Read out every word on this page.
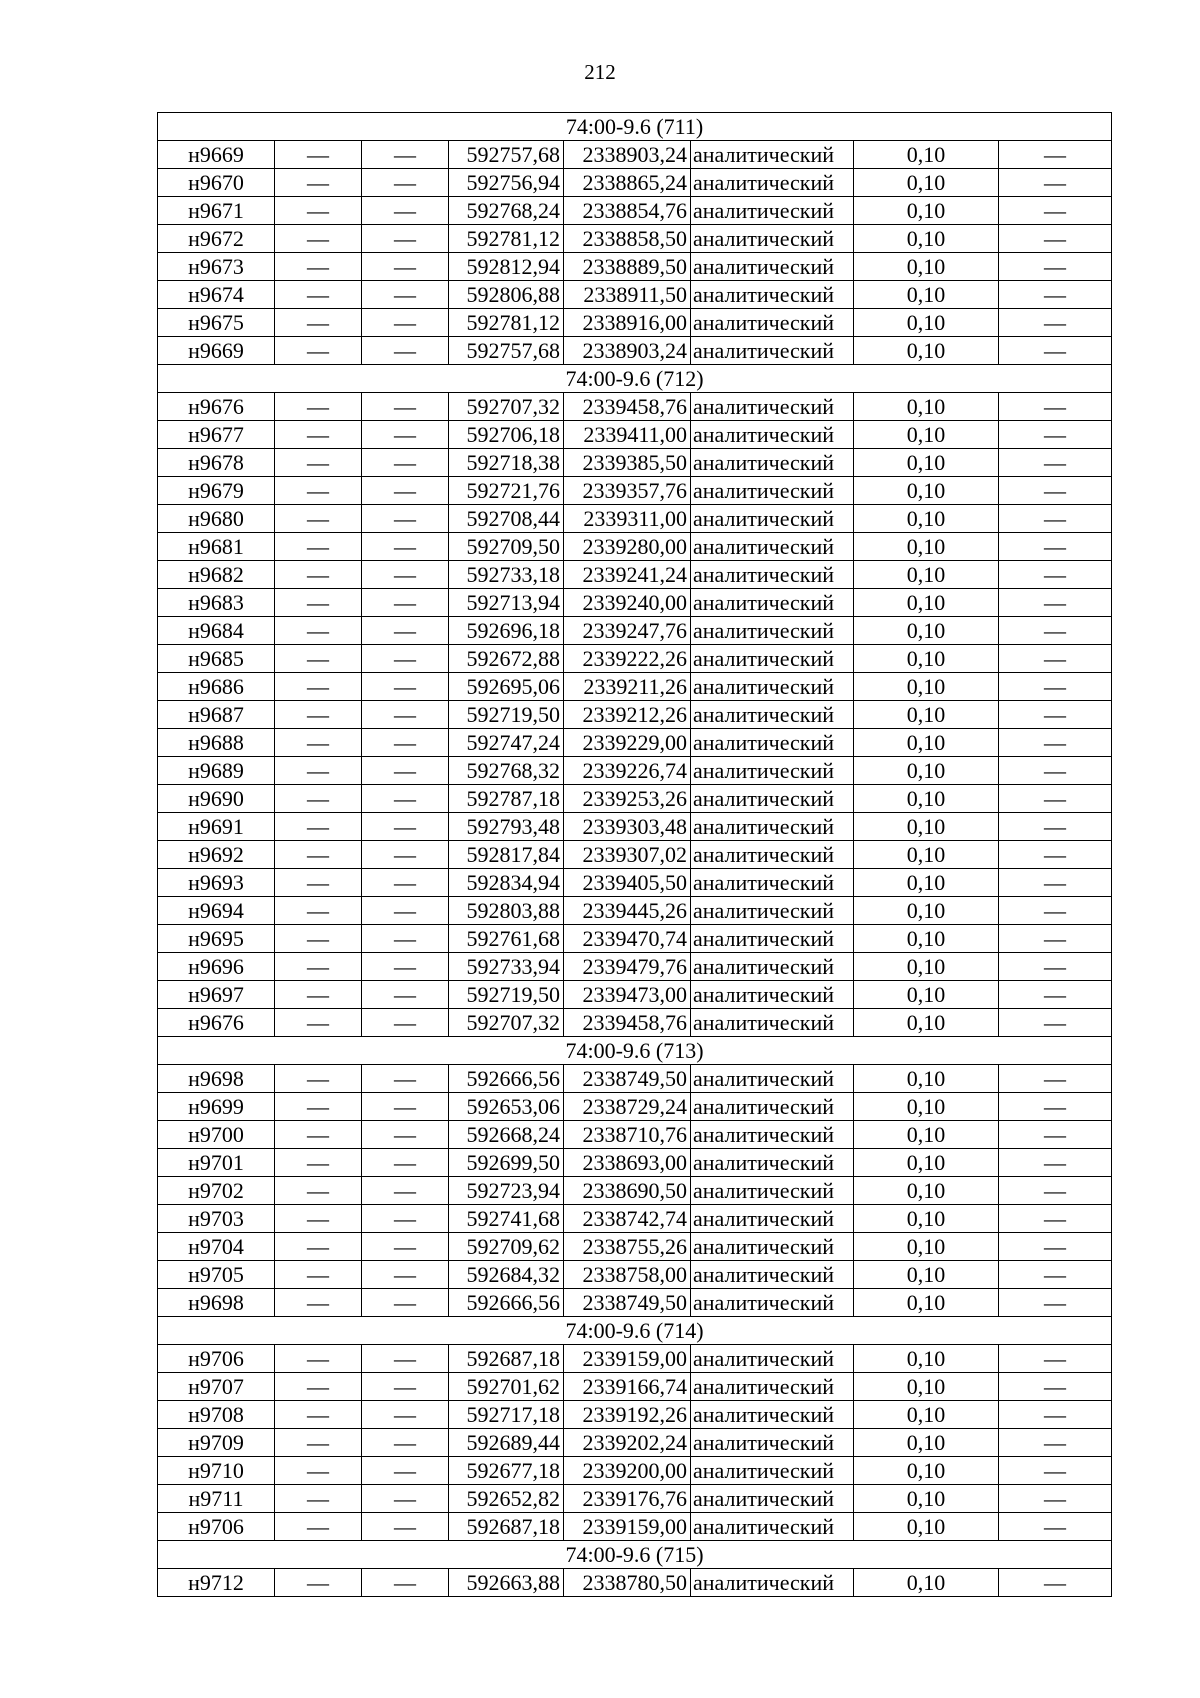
212
74:00-9.6 (711)							
н9669	—	—	592757,68	2338903,24	аналитический	0,10	—
н9670	—	—	592756,94	2338865,24	аналитический	0,10	—
н9671	—	—	592768,24	2338854,76	аналитический	0,10	—
н9672	—	—	592781,12	2338858,50	аналитический	0,10	—
н9673	—	—	592812,94	2338889,50	аналитический	0,10	—
н9674	—	—	592806,88	2338911,50	аналитический	0,10	—
н9675	—	—	592781,12	2338916,00	аналитический	0,10	—
н9669	—	—	592757,68	2338903,24	аналитический	0,10	—
74:00-9.6 (712)							
н9676	—	—	592707,32	2339458,76	аналитический	0,10	—
н9677	—	—	592706,18	2339411,00	аналитический	0,10	—
н9678	—	—	592718,38	2339385,50	аналитический	0,10	—
н9679	—	—	592721,76	2339357,76	аналитический	0,10	—
н9680	—	—	592708,44	2339311,00	аналитический	0,10	—
н9681	—	—	592709,50	2339280,00	аналитический	0,10	—
н9682	—	—	592733,18	2339241,24	аналитический	0,10	—
н9683	—	—	592713,94	2339240,00	аналитический	0,10	—
н9684	—	—	592696,18	2339247,76	аналитический	0,10	—
н9685	—	—	592672,88	2339222,26	аналитический	0,10	—
н9686	—	—	592695,06	2339211,26	аналитический	0,10	—
н9687	—	—	592719,50	2339212,26	аналитический	0,10	—
н9688	—	—	592747,24	2339229,00	аналитический	0,10	—
н9689	—	—	592768,32	2339226,74	аналитический	0,10	—
н9690	—	—	592787,18	2339253,26	аналитический	0,10	—
н9691	—	—	592793,48	2339303,48	аналитический	0,10	—
н9692	—	—	592817,84	2339307,02	аналитический	0,10	—
н9693	—	—	592834,94	2339405,50	аналитический	0,10	—
н9694	—	—	592803,88	2339445,26	аналитический	0,10	—
н9695	—	—	592761,68	2339470,74	аналитический	0,10	—
н9696	—	—	592733,94	2339479,76	аналитический	0,10	—
н9697	—	—	592719,50	2339473,00	аналитический	0,10	—
н9676	—	—	592707,32	2339458,76	аналитический	0,10	—
74:00-9.6 (713)							
н9698	—	—	592666,56	2338749,50	аналитический	0,10	—
н9699	—	—	592653,06	2338729,24	аналитический	0,10	—
н9700	—	—	592668,24	2338710,76	аналитический	0,10	—
н9701	—	—	592699,50	2338693,00	аналитический	0,10	—
н9702	—	—	592723,94	2338690,50	аналитический	0,10	—
н9703	—	—	592741,68	2338742,74	аналитический	0,10	—
н9704	—	—	592709,62	2338755,26	аналитический	0,10	—
н9705	—	—	592684,32	2338758,00	аналитический	0,10	—
н9698	—	—	592666,56	2338749,50	аналитический	0,10	—
74:00-9.6 (714)							
н9706	—	—	592687,18	2339159,00	аналитический	0,10	—
н9707	—	—	592701,62	2339166,74	аналитический	0,10	—
н9708	—	—	592717,18	2339192,26	аналитический	0,10	—
н9709	—	—	592689,44	2339202,24	аналитический	0,10	—
н9710	—	—	592677,18	2339200,00	аналитический	0,10	—
н9711	—	—	592652,82	2339176,76	аналитический	0,10	—
н9706	—	—	592687,18	2339159,00	аналитический	0,10	—
74:00-9.6 (715)							
н9712	—	—	592663,88	2338780,50	аналитический	0,10	—
